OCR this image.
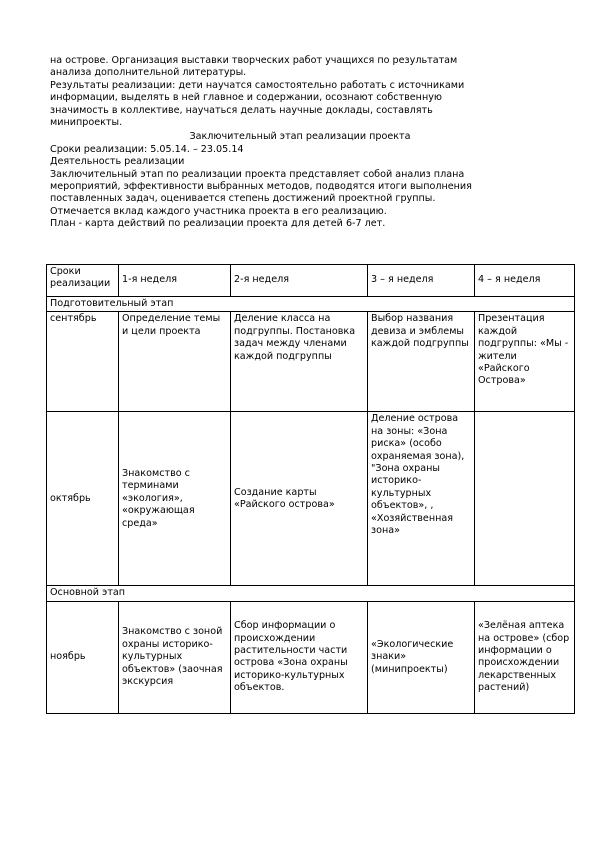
на острове. Организация выставки творческих работ учащихся по результатам

анализа дополнительной литературы.

Результаты реализации: дети научатся самостоятельно работать с источниками

информации, выделять в ней главное и содержании, осознают собственную

значимость в коллективе, научаться делать научные доклады, составлять

минипроекты.

Заключительный этап реализации проекта

Сроки реализации: 5.05.14. – 23.05.14

Деятельность реализации

Заключительный этап по реализации проекта представляет собой анализ плана

мероприятий, эффективности выбранных методов, подводятся итоги выполнения

поставленных задач, оценивается степень достижений проектной группы.

Отмечается вклад каждого участника проекта в его реализацию.

План - карта действий по реализации проекта для детей 6-7 лет.

Сроки реализации	1-я неделя	2-я неделя	3 – я неделя	4 – я неделя
Подготовительный этап				
сентябрь	Определение темы и цели проекта	Деление класса на подгруппы. Постановка задач между членами каждой подгруппы	Выбор названия девиза и эмблемы каждой подгруппы	Презентация каждой подгруппы: «Мы - жители «Райского Острова»
октябрь	Знакомство с терминами «экология», «окружающая среда»	Создание карты «Райского острова»	Деление острова на зоны: «Зона риска» (особо охраняемая зона), "Зона охраны историко-культурных объектов», , «Хозяйственная зона»	
Основной этап				
ноябрь	Знакомство с зоной охраны историко-культурных объектов» (заочная экскурсия	Сбор информации о происхождении растительности части острова «Зона охраны историко-культурных объектов.	«Экологические знаки» (минипроекты)	«Зелёная аптека на острове» (сбор информации о происхождении лекарственных растений)
